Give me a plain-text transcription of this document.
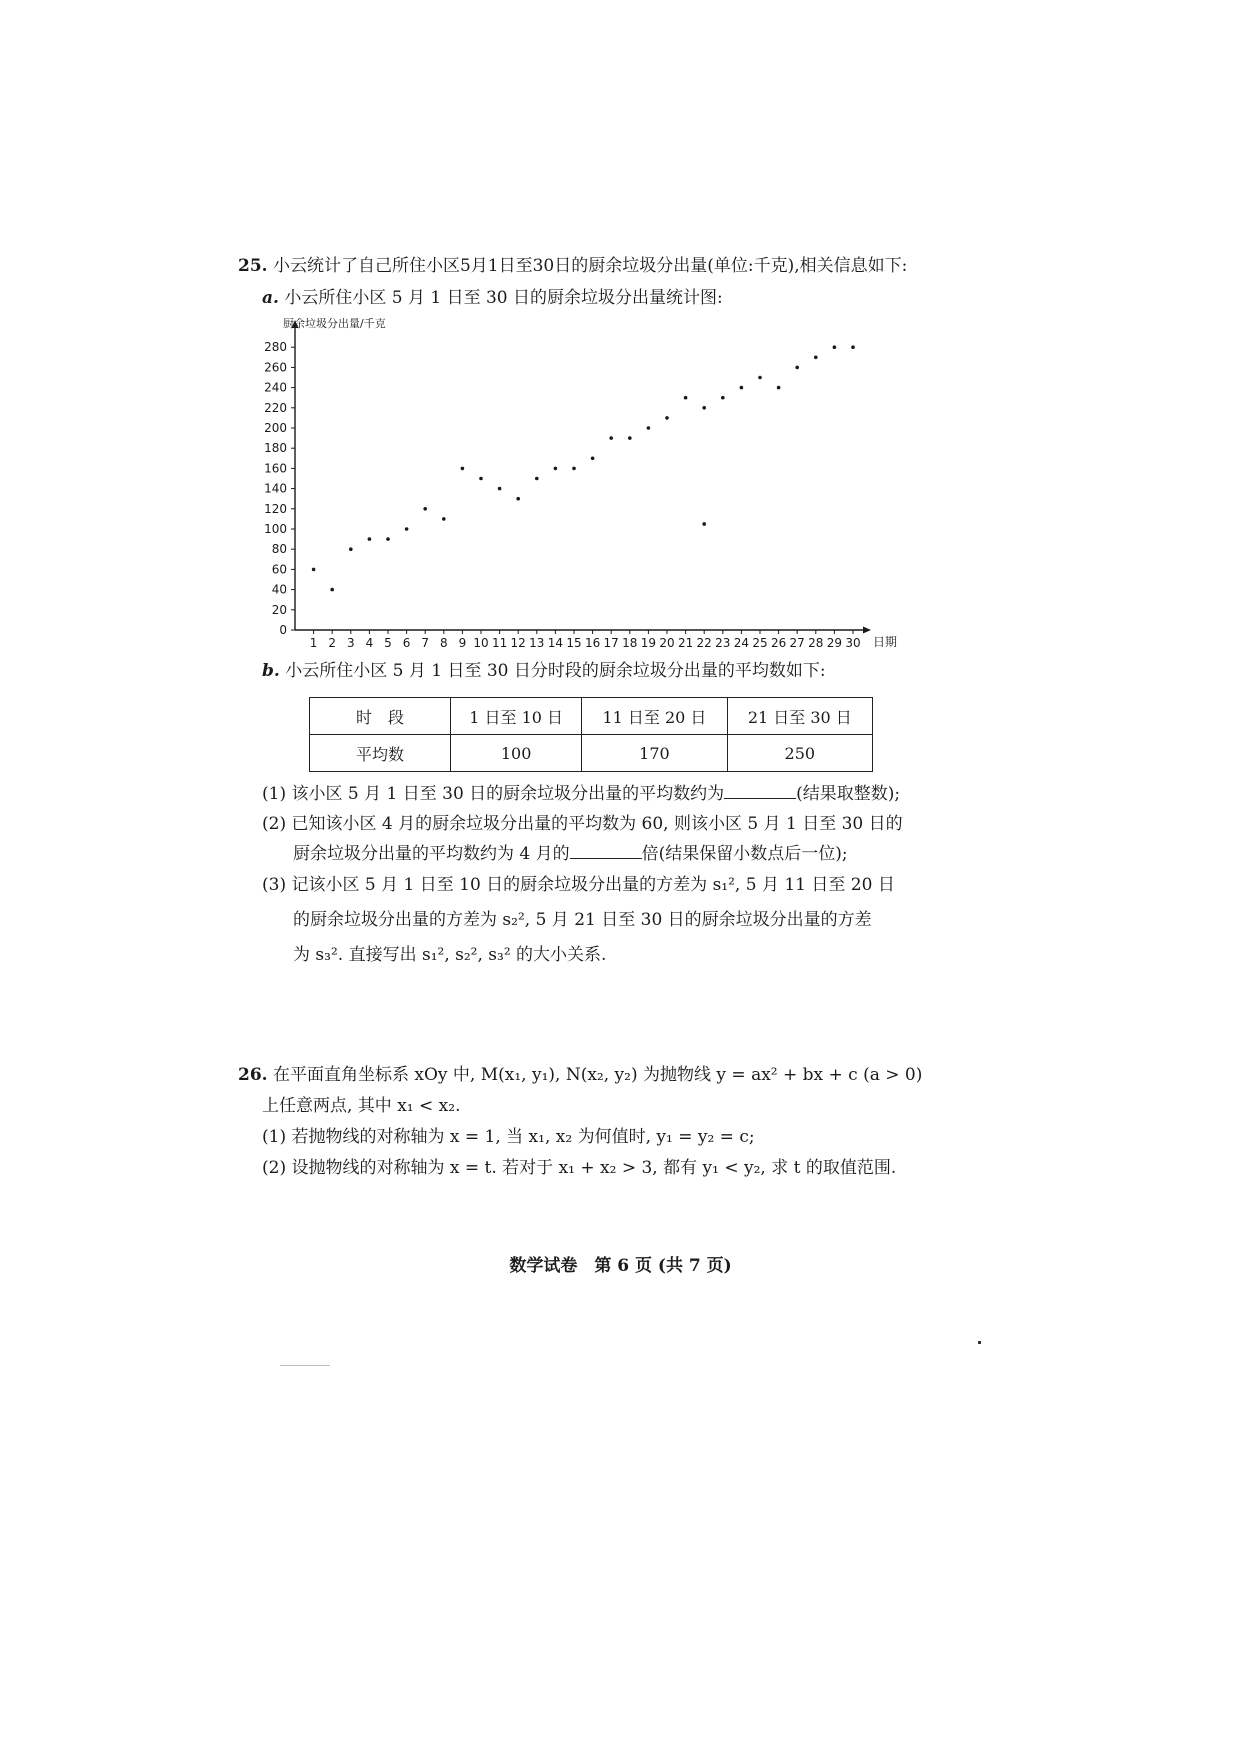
25. 小云统计了自己所住小区5月1日至30日的厨余垃圾分出量(单位:千克),相关信息如下:
a. 小云所住小区 5 月 1 日至 30 日的厨余垃圾分出量统计图:
0
20
40
60
80
100
120
140
160
180
200
220
240
260
280
1 2 3 4 5 6 7 8 9 10 11 12 13 14 15 16 17 18 19 20 21 22 23 24 25 26 27 28 29 30
厨余垃圾分出量/千克
日期
b. 小云所住小区 5 月 1 日至 30 日分时段的厨余垃圾分出量的平均数如下:
时　段	1 日至 10 日	11 日至 20 日	21 日至 30 日
平均数	100	170	250
(1) 该小区 5 月 1 日至 30 日的厨余垃圾分出量的平均数约为	(结果取整数);
(2) 已知该小区 4 月的厨余垃圾分出量的平均数为 60, 则该小区 5 月 1 日至 30 日的
厨余垃圾分出量的平均数约为 4 月的	倍(结果保留小数点后一位);
(3) 记该小区 5 月 1 日至 10 日的厨余垃圾分出量的方差为 s₁², 5 月 11 日至 20 日
的厨余垃圾分出量的方差为 s₂², 5 月 21 日至 30 日的厨余垃圾分出量的方差
为 s₃². 直接写出 s₁², s₂², s₃² 的大小关系.
26. 在平面直角坐标系 xOy 中, M(x₁, y₁), N(x₂, y₂) 为抛物线 y = ax² + bx + c (a > 0)
上任意两点, 其中 x₁ < x₂.
(1) 若抛物线的对称轴为 x = 1, 当 x₁, x₂ 为何值时, y₁ = y₂ = c;
(2) 设抛物线的对称轴为 x = t. 若对于 x₁ + x₂ > 3, 都有 y₁ < y₂, 求 t 的取值范围.
数学试卷　第 6 页 (共 7 页)
